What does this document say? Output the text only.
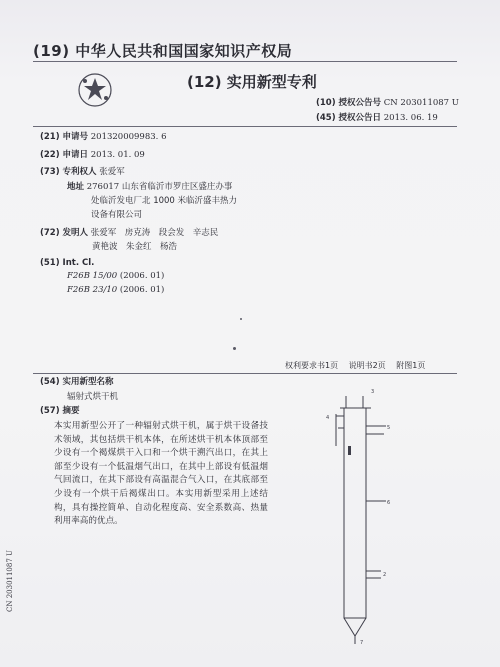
(19) 中华人民共和国国家知识产权局
(12) 实用新型专利
(10) 授权公告号 CN 203011087 U
(45) 授权公告日 2013. 06. 19
(21) 申请号 201320009983. 6
(22) 申请日 2013. 01. 09
(73) 专利权人 张爱军
地址 276017 山东省临沂市罗庄区盛庄办事
处临沂发电厂北 1000 米临沂盛丰热力
设备有限公司
(72) 发明人 张爱军　房克涛　段会发　辛志民
黄艳波　朱金红　杨浩
(51) Int. Cl.
F26B 15/00 (2006. 01)
F26B 23/10 (2006. 01)
权利要求书1页 说明书2页 附图1页
(54) 实用新型名称
辐射式烘干机
(57) 摘要
本实用新型公开了一种辐射式烘干机，属于烘干设备技术领域，其包括烘干机本体，在所述烘干机本体顶部至少设有一个褐煤烘干入口和一个烘干溯汽出口，在其上部至少设有一个低温烟气出口，在其中上部设有低温烟气回流口，在其下部设有高温混合气入口，在其底部至少设有一个烘干后褐煤出口。本实用新型采用上述结构，具有操控简单、自动化程度高、安全系数高、热量利用率高的优点。
4
3
5
6
2
7
CN 203011087 U
